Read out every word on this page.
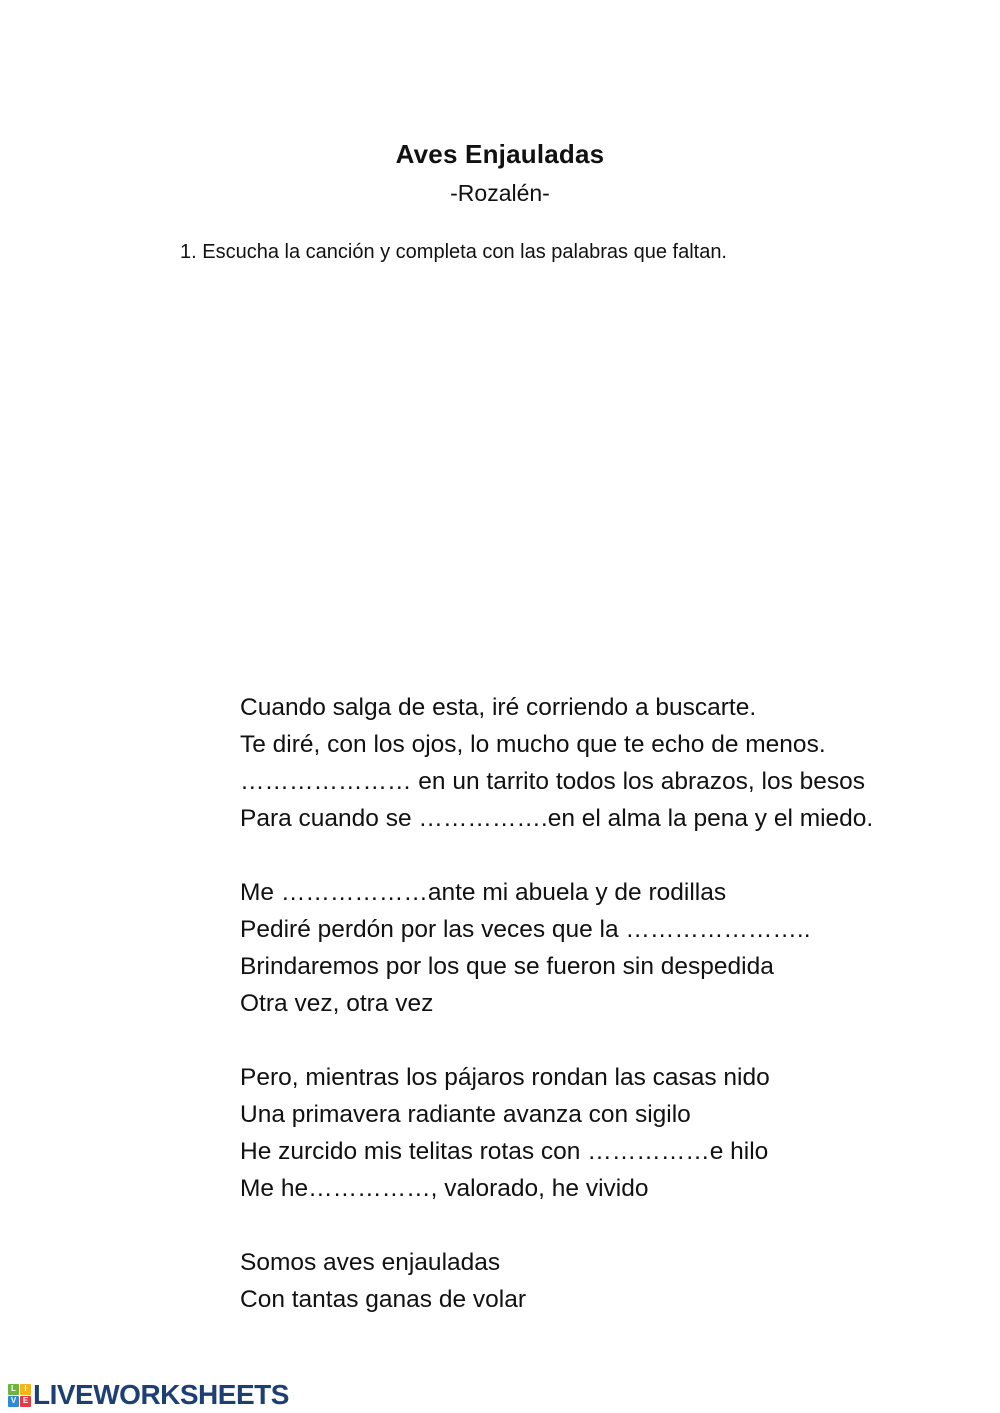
Aves Enjauladas
-Rozalén-
1. Escucha la canción y completa con las palabras que faltan.
Cuando salga de esta, iré corriendo a buscarte.
Te diré, con los ojos, lo mucho que te echo de menos.
………………… en un tarrito todos los abrazos, los besos
Para cuando se …………….en el alma la pena y el miedo.
Me ………………ante mi abuela y de rodillas
Pediré perdón por las veces que la …………………..
Brindaremos por los que se fueron sin despedida
Otra vez, otra vez
Pero, mientras los pájaros rondan las casas nido
Una primavera radiante avanza con sigilo
He zurcido mis telitas rotas con ……………e hilo
Me he……………, valorado, he vivido
Somos aves enjauladas
Con tantas ganas de volar
L	I
V E LIVEWORKSHEETS
